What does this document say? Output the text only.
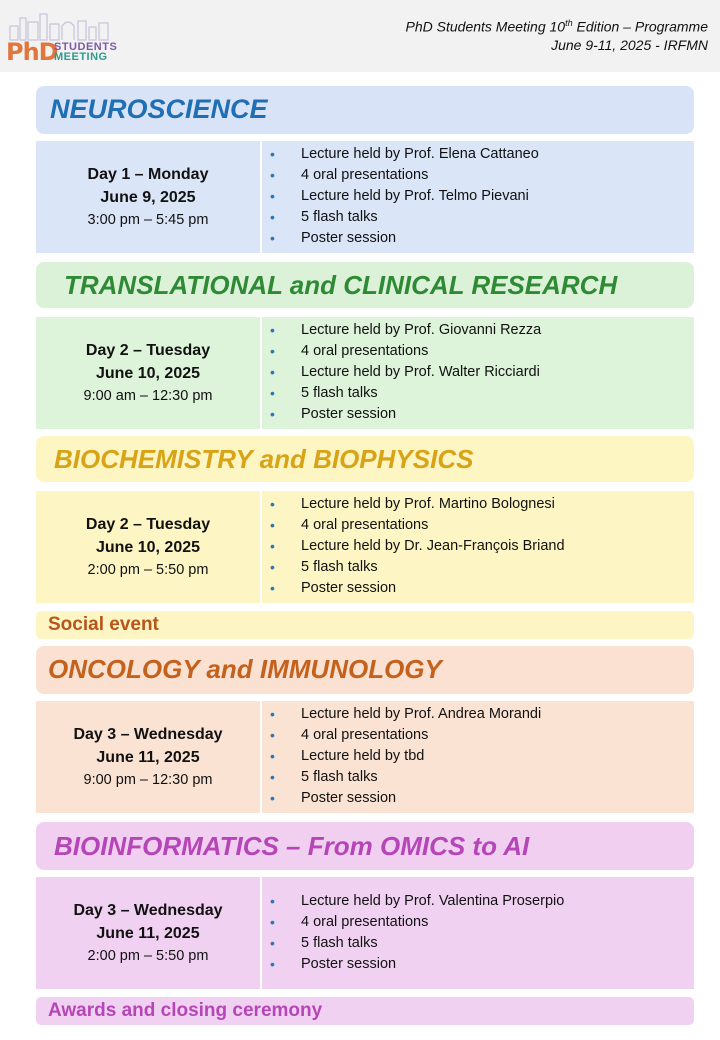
PhD
STUDENTS
MEETING
PhD Students Meeting 10th Edition – Programme
June 9-11, 2025 - IRFMN
NEUROSCIENCE
Day 1 – Monday
June 9, 2025
3:00 pm – 5:45 pm
• Lecture held by Prof. Elena Cattaneo
• 4 oral presentations
• Lecture held by Prof. Telmo Pievani
• 5 flash talks
• Poster session
TRANSLATIONAL and CLINICAL RESEARCH
Day 2 – Tuesday
June 10, 2025
9:00 am – 12:30 pm
• Lecture held by Prof. Giovanni Rezza
• 4 oral presentations
• Lecture held by Prof. Walter Ricciardi
• 5 flash talks
• Poster session
BIOCHEMISTRY and BIOPHYSICS
Day 2 – Tuesday
June 10, 2025
2:00 pm – 5:50 pm
• Lecture held by Prof. Martino Bolognesi
• 4 oral presentations
• Lecture held by Dr. Jean-François Briand
• 5 flash talks
• Poster session
Social event
ONCOLOGY and IMMUNOLOGY
Day 3 – Wednesday
June 11, 2025
9:00 pm – 12:30 pm
• Lecture held by Prof. Andrea Morandi
• 4 oral presentations
• Lecture held by tbd
• 5 flash talks
• Poster session
BIOINFORMATICS – From OMICS to AI
Day 3 – Wednesday
June 11, 2025
2:00 pm – 5:50 pm
• Lecture held by Prof. Valentina Proserpio
• 4 oral presentations
• 5 flash talks
• Poster session
Awards and closing ceremony
